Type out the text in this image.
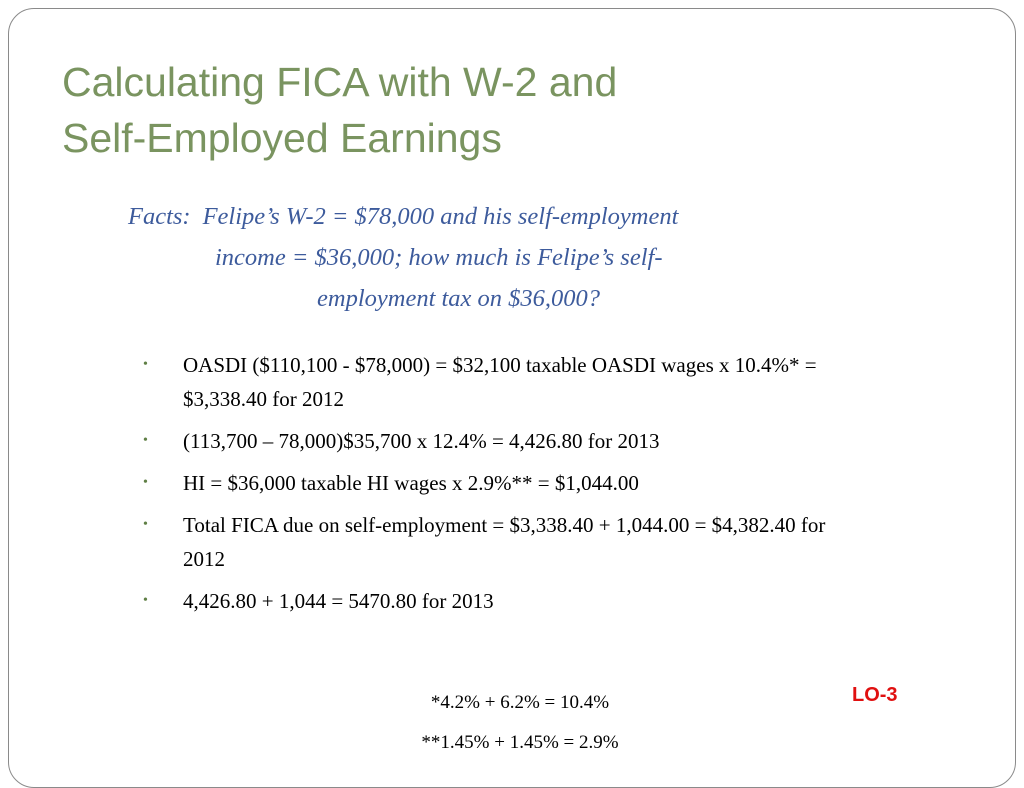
Calculating FICA with W-2 and
Self-Employed Earnings
Facts: Felipe’s W-2 = $78,000 and his self-employment
income = $36,000; how much is Felipe’s self-
employment tax on $36,000?
• OASDI ($110,100 - $78,000) = $32,100 taxable OASDI wages x 10.4%* = $3,338.40 for 2012
• (113,700 – 78,000)$35,700 x 12.4% = 4,426.80 for 2013
• HI = $36,000 taxable HI wages x 2.9%** = $1,044.00
• Total FICA due on self-employment = $3,338.40 + 1,044.00 = $4,382.40 for 2012
• 4,426.80 + 1,044 = 5470.80 for 2013
LO-3
*4.2% + 6.2% = 10.4%
**1.45% + 1.45% = 2.9%
